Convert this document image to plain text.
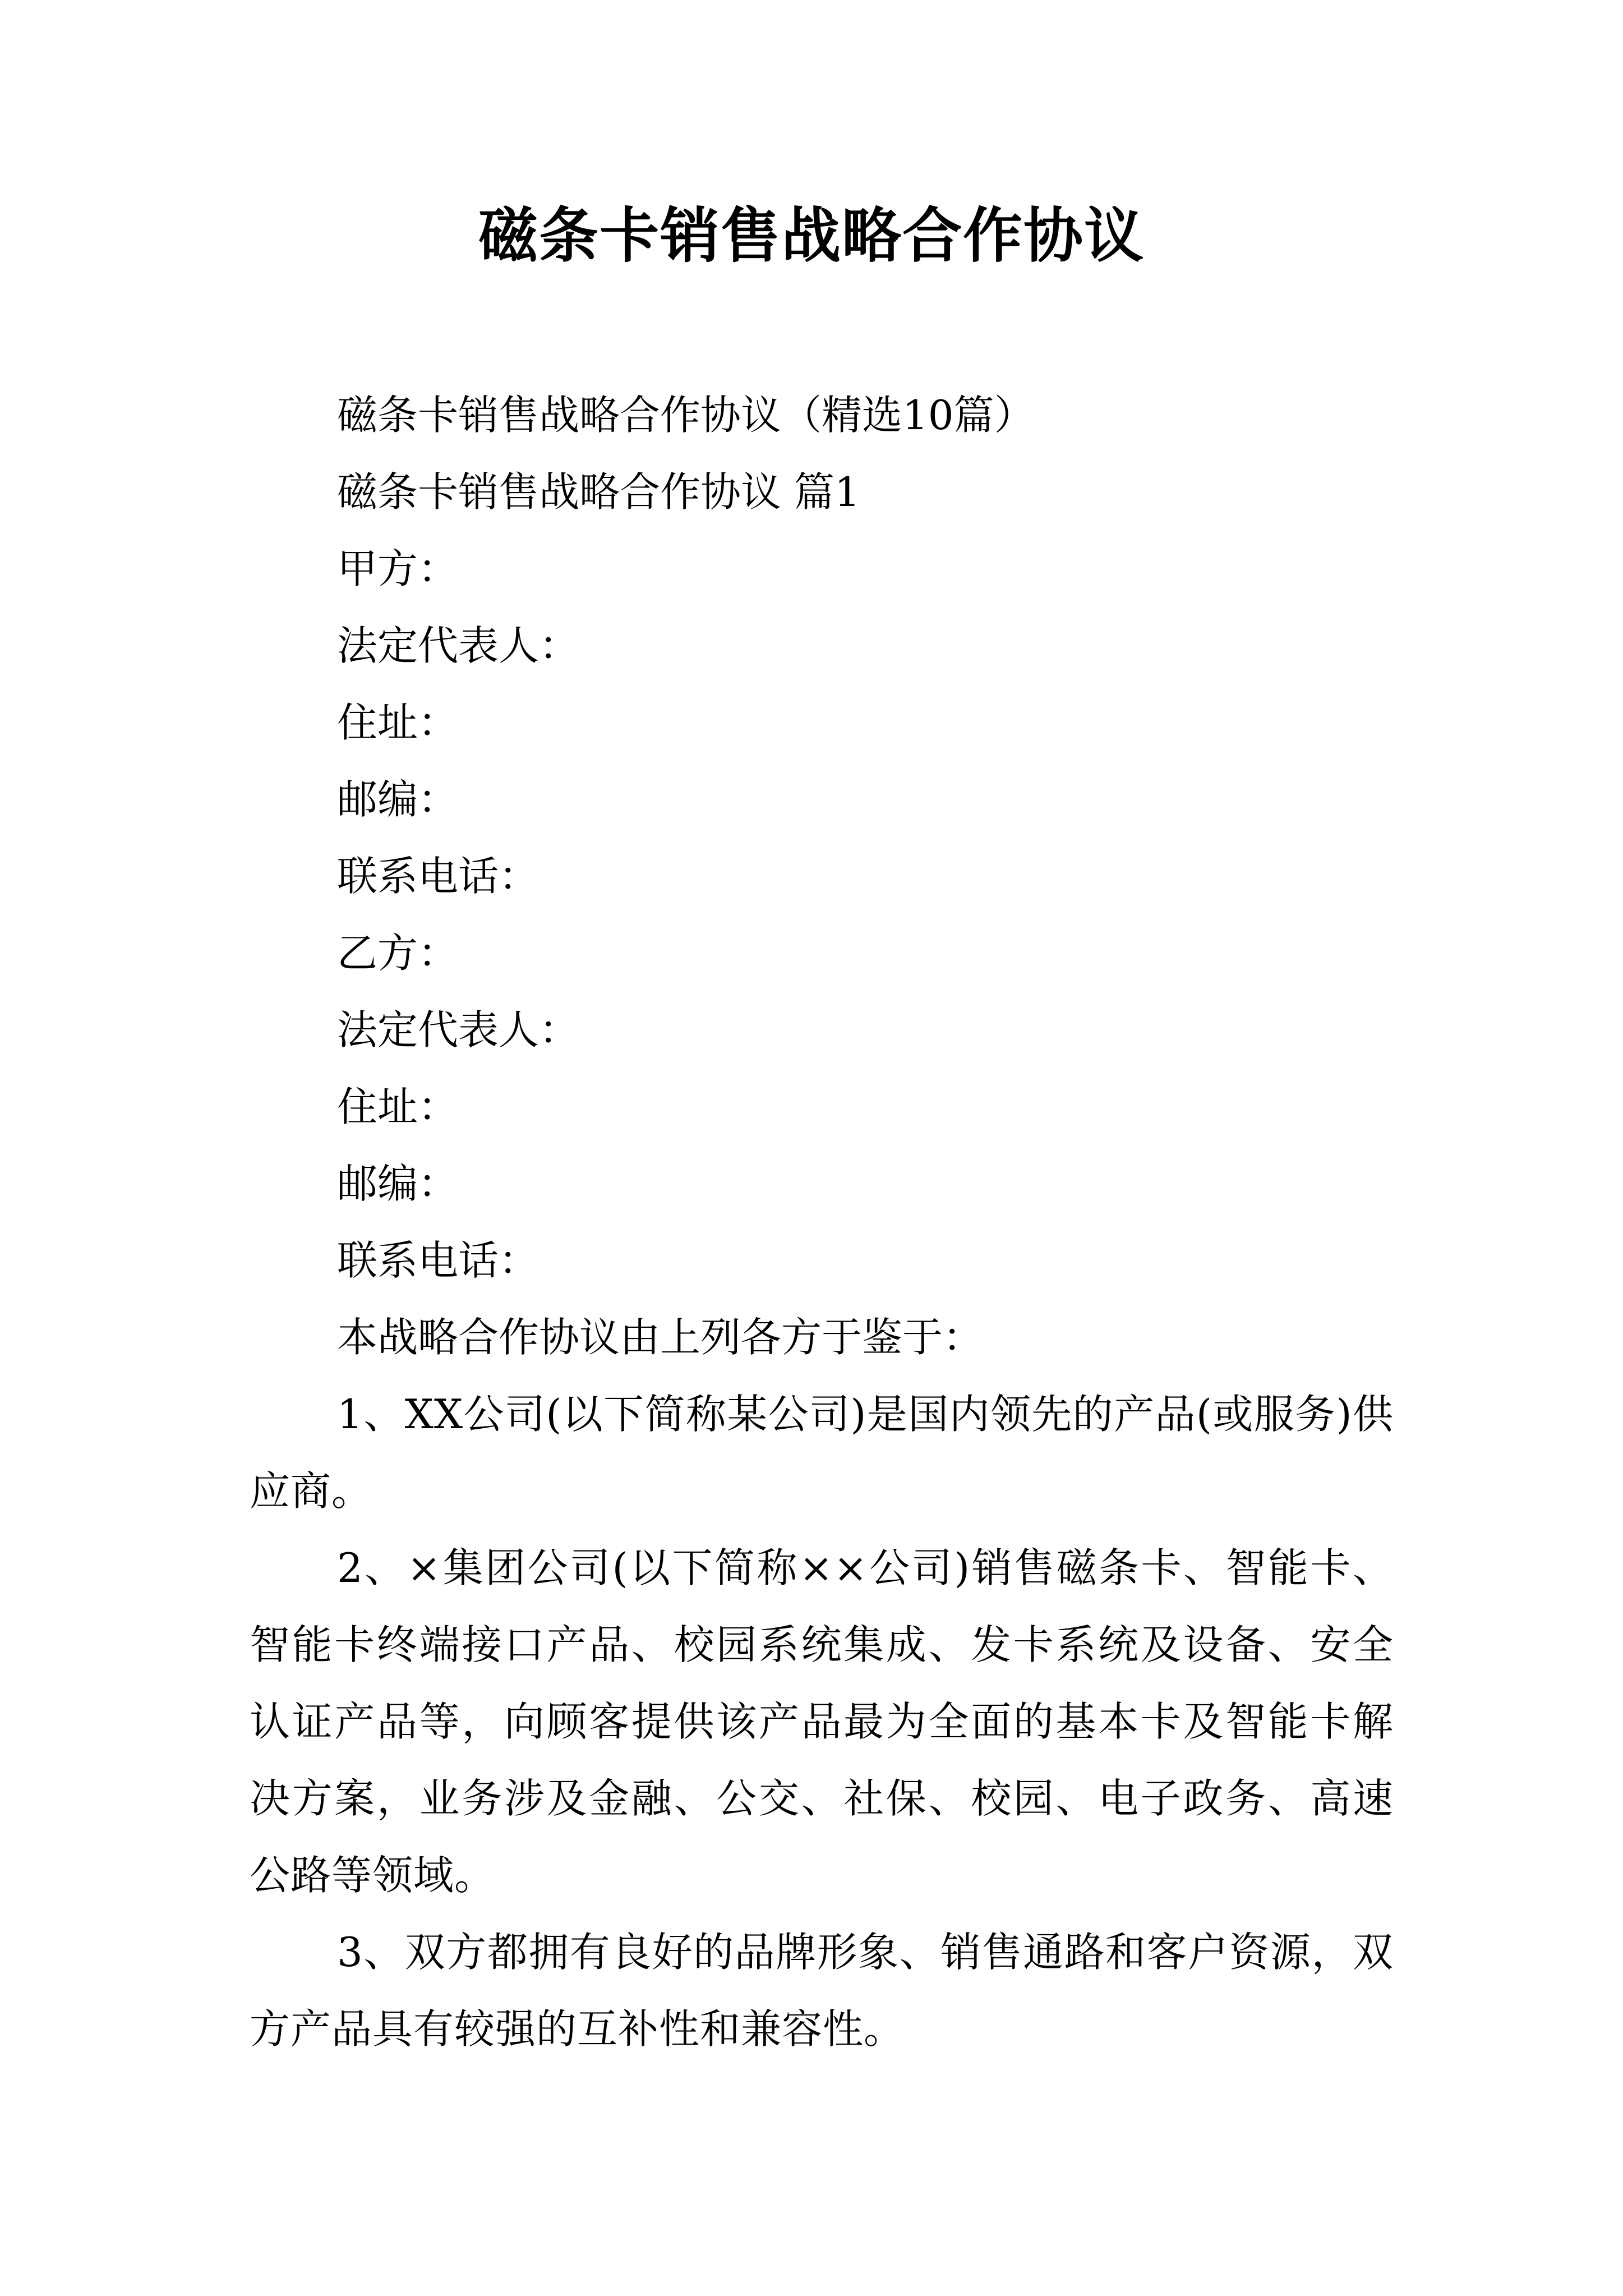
磁条卡销售战略合作协议

磁条卡销售战略合作协议（精选10篇）

磁条卡销售战略合作协议 篇1

甲方：

法定代表人：

住址：

邮编：

联系电话：

乙方：

法定代表人：

住址：

邮编：

联系电话：

本战略合作协议由上列各方于鉴于：

1、XX公司(以下简称某公司)是国内领先的产品(或服务)供应商。

2、×集团公司(以下简称××公司)销售磁条卡、智能卡、智能卡终端接口产品、校园系统集成、发卡系统及设备、安全认证产品等，向顾客提供该产品最为全面的基本卡及智能卡解决方案，业务涉及金融、公交、社保、校园、电子政务、高速公路等领域。

3、双方都拥有良好的品牌形象、销售通路和客户资源，双方产品具有较强的互补性和兼容性。
